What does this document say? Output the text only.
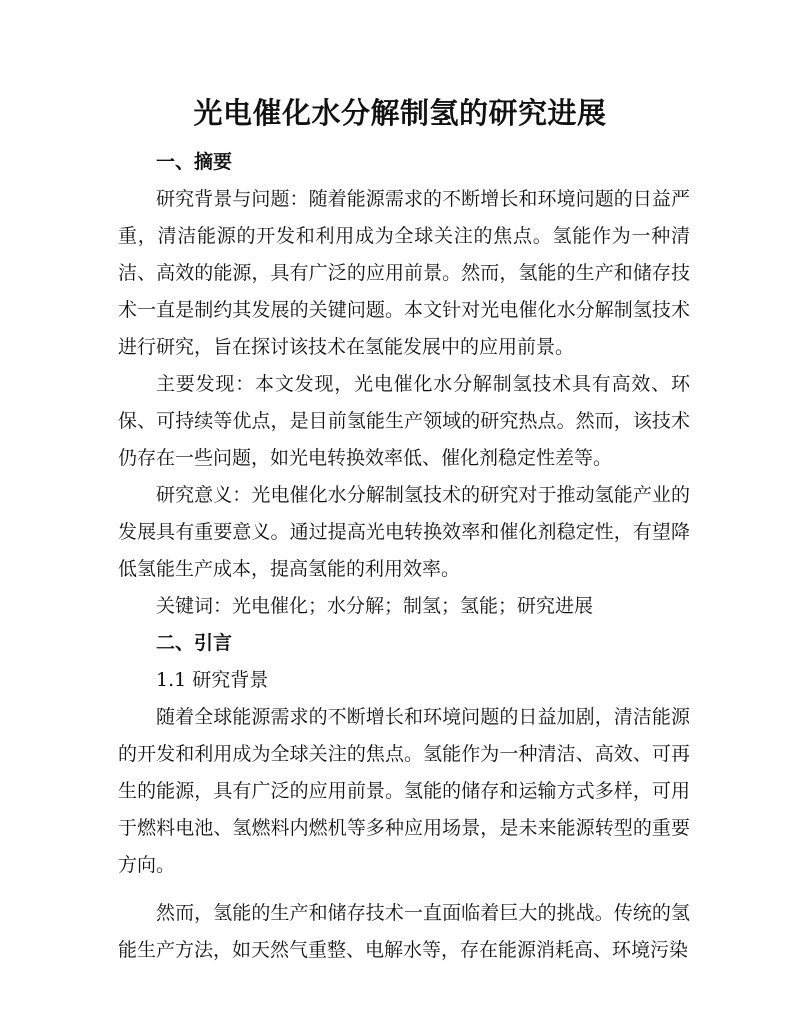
光电催化水分解制氢的研究进展
一、摘要

研究背景与问题：随着能源需求的不断增长和环境问题的日益严重，清洁能源的开发和利用成为全球关注的焦点。氢能作为一种清洁、高效的能源，具有广泛的应用前景。然而，氢能的生产和储存技术一直是制约其发展的关键问题。本文针对光电催化水分解制氢技术进行研究，旨在探讨该技术在氢能发展中的应用前景。

主要发现：本文发现，光电催化水分解制氢技术具有高效、环保、可持续等优点，是目前氢能生产领域的研究热点。然而，该技术仍存在一些问题，如光电转换效率低、催化剂稳定性差等。

研究意义：光电催化水分解制氢技术的研究对于推动氢能产业的发展具有重要意义。通过提高光电转换效率和催化剂稳定性，有望降低氢能生产成本，提高氢能的利用效率。

关键词：光电催化；水分解；制氢；氢能；研究进展

二、引言
1.1 研究背景

随着全球能源需求的不断增长和环境问题的日益加剧，清洁能源的开发和利用成为全球关注的焦点。氢能作为一种清洁、高效、可再生的能源，具有广泛的应用前景。氢能的储存和运输方式多样，可用于燃料电池、氢燃料内燃机等多种应用场景，是未来能源转型的重要方向。

然而，氢能的生产和储存技术一直面临着巨大的挑战。传统的氢能生产方法，如天然气重整、电解水等，存在能源消耗高、环境污染
